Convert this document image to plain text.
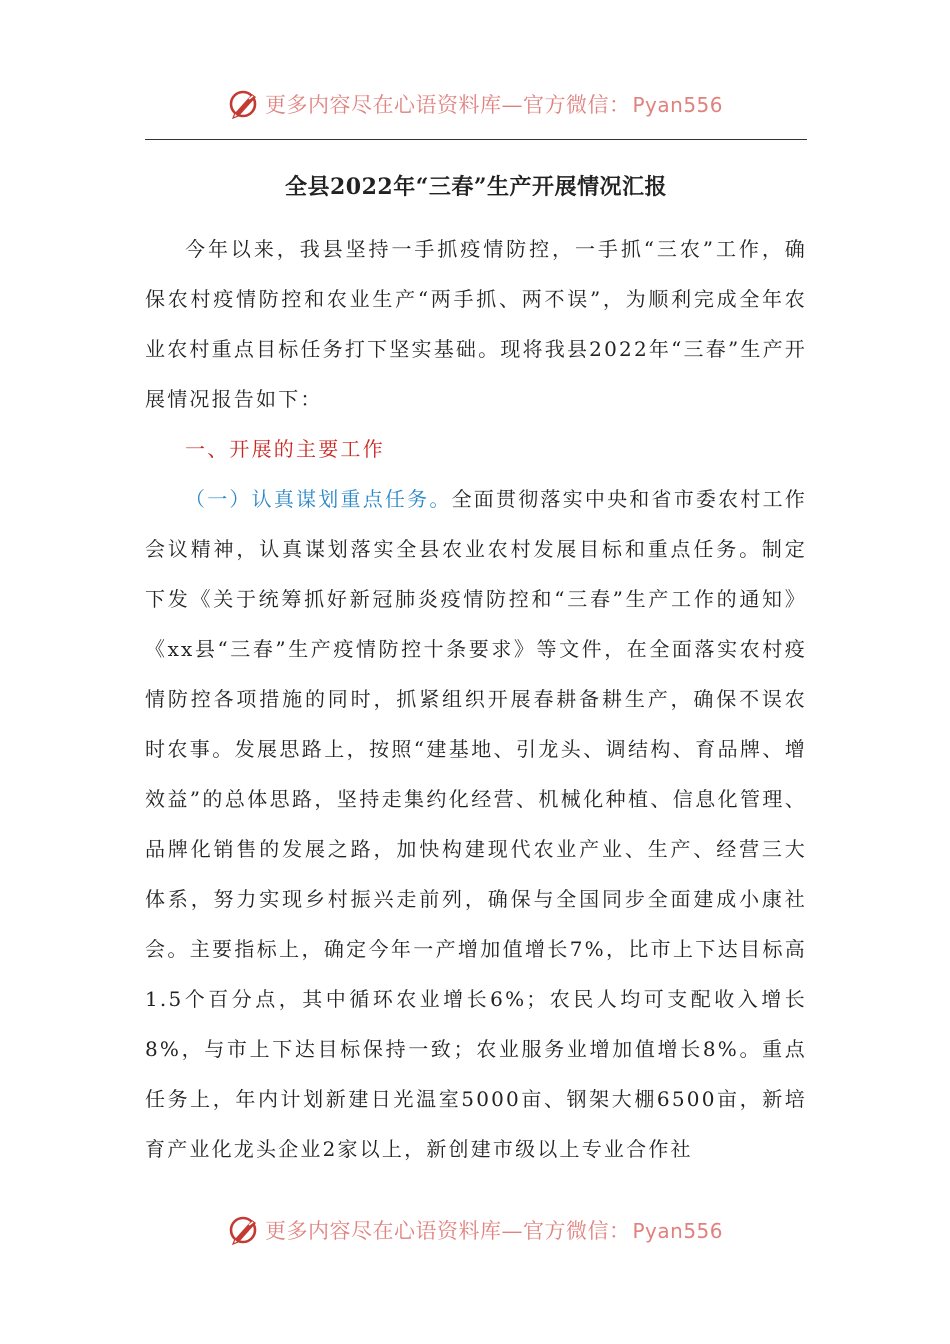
更多内容尽在心语资料库—官方微信： Pyan556
全县2022年“三春”生产开展情况汇报

今年以来，我县坚持一手抓疫情防控，一手抓“三农”工作，确保农村疫情防控和农业生产“两手抓、两不误”，为顺利完成全年农业农村重点目标任务打下坚实基础。现将我县2022年“三春”生产开展情况报告如下：

一、开展的主要工作

（一）认真谋划重点任务。全面贯彻落实中央和省市委农村工作会议精神，认真谋划落实全县农业农村发展目标和重点任务。制定下发《关于统筹抓好新冠肺炎疫情防控和“三春”生产工作的通知》《xx县“三春”生产疫情防控十条要求》等文件，在全面落实农村疫情防控各项措施的同时，抓紧组织开展春耕备耕生产，确保不误农时农事。发展思路上，按照“建基地、引龙头、调结构、育品牌、增效益”的总体思路，坚持走集约化经营、机械化种植、信息化管理、品牌化销售的发展之路，加快构建现代农业产业、生产、经营三大体系，努力实现乡村振兴走前列，确保与全国同步全面建成小康社会。主要指标上，确定今年一产增加值增长7%，比市上下达目标高1.5个百分点，其中循环农业增长6%；农民人均可支配收入增长8%，与市上下达目标保持一致；农业服务业增加值增长8%。重点任务上，年内计划新建日光温室5000亩、钢架大棚6500亩，新培育产业化龙头企业2家以上，新创建市级以上专业合作社

更多内容尽在心语资料库—官方微信： Pyan556
